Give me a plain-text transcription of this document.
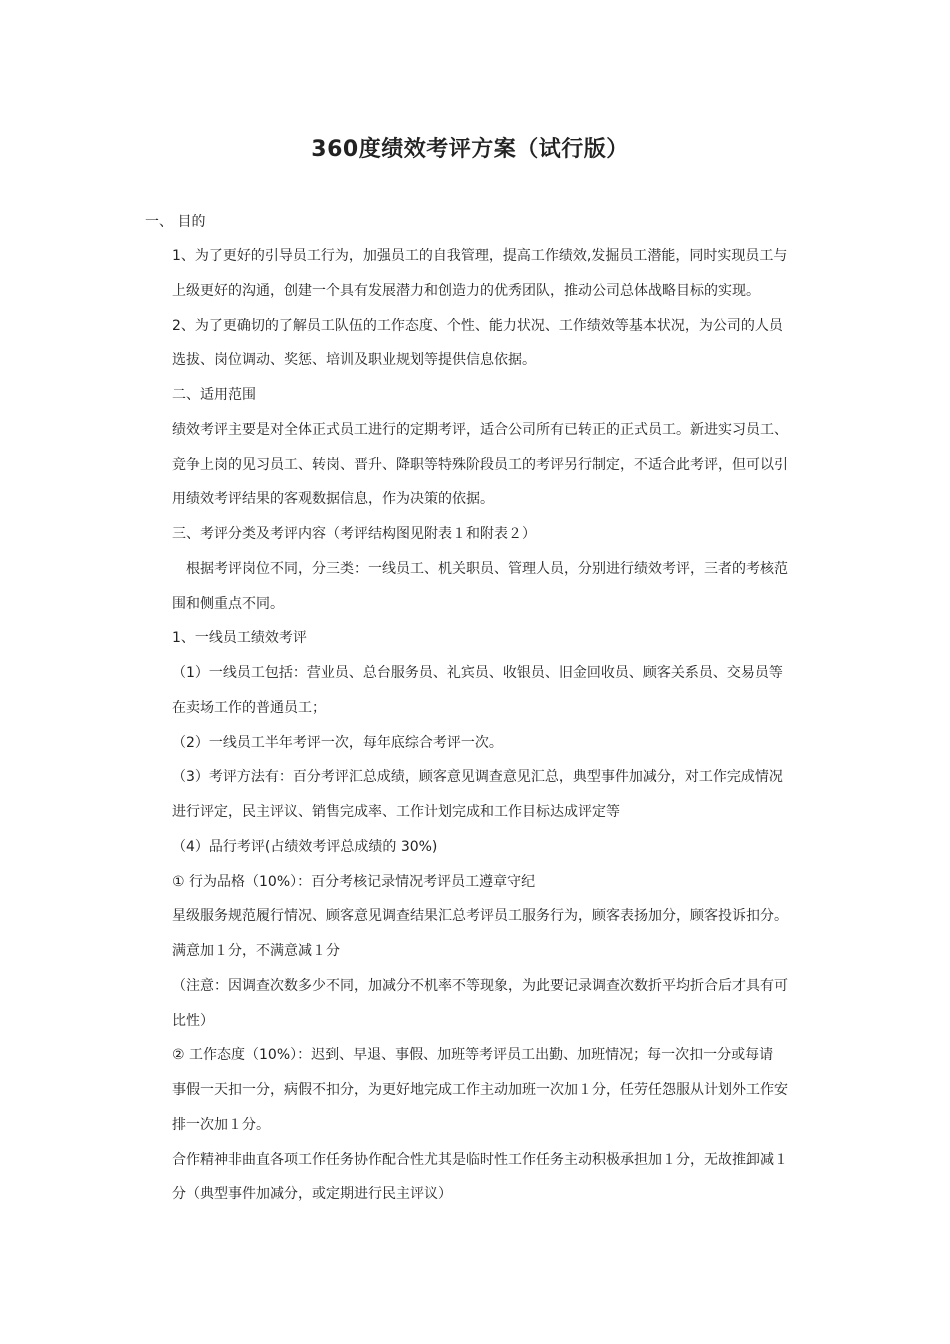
360度绩效考评方案（试行版）
一、 目的
1、为了更好的引导员工行为，加强员工的自我管理，提高工作绩效,发掘员工潜能，同时实现员工与
上级更好的沟通，创建一个具有发展潜力和创造力的优秀团队，推动公司总体战略目标的实现。
2、为了更确切的了解员工队伍的工作态度、个性、能力状况、工作绩效等基本状况，为公司的人员
选拔、岗位调动、奖惩、培训及职业规划等提供信息依据。
二、适用范围
绩效考评主要是对全体正式员工进行的定期考评，适合公司所有已转正的正式员工。新进实习员工、
竞争上岗的见习员工、转岗、晋升、降职等特殊阶段员工的考评另行制定，不适合此考评，但可以引
用绩效考评结果的客观数据信息，作为决策的依据。
三、考评分类及考评内容（考评结构图见附表１和附表２）
　根据考评岗位不同，分三类：一线员工、机关职员、管理人员，分别进行绩效考评，三者的考核范
围和侧重点不同。
1、一线员工绩效考评
（1）一线员工包括：营业员、总台服务员、礼宾员、收银员、旧金回收员、顾客关系员、交易员等
在卖场工作的普通员工；
（2）一线员工半年考评一次，每年底综合考评一次。
（3）考评方法有：百分考评汇总成绩，顾客意见调查意见汇总，典型事件加减分，对工作完成情况
进行评定，民主评议、销售完成率、工作计划完成和工作目标达成评定等
（4）品行考评(占绩效考评总成绩的 30%)
① 行为品格（10%）：百分考核记录情况考评员工遵章守纪
星级服务规范履行情况、顾客意见调查结果汇总考评员工服务行为，顾客表扬加分，顾客投诉扣分。
满意加１分，不满意减１分
（注意：因调查次数多少不同，加减分不机率不等现象，为此要记录调查次数折平均折合后才具有可
比性）
② 工作态度（10%）：迟到、早退、事假、加班等考评员工出勤、加班情况；每一次扣一分或每请
事假一天扣一分，病假不扣分，为更好地完成工作主动加班一次加１分，任劳任怨服从计划外工作安
排一次加１分。
合作精神非曲直各项工作任务协作配合性尤其是临时性工作任务主动积极承担加１分，无故推卸减１
分（典型事件加减分，或定期进行民主评议）
